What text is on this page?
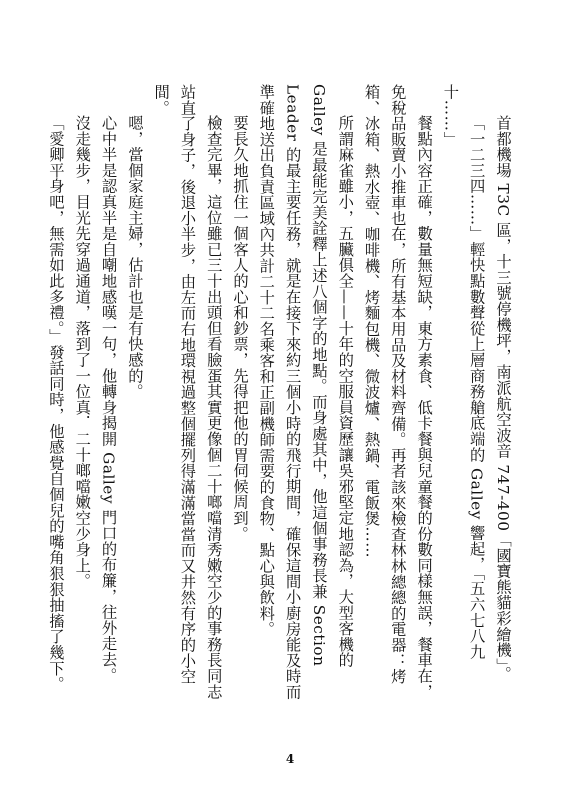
首都機場 T3C 區，十三號停機坪，南派航空波音 747-400「國寶熊貓彩繪機」。

「一二三四……」輕快點數聲從上層商務艙底端的 Galley 響起，「五六七八九十……」

餐點內容正確，數量無短缺，東方素食、低卡餐與兒童餐的份數同樣無誤，餐車在，免稅品販賣小推車也在，所有基本用品及材料齊備。再者該來檢查林林總總的電器：烤箱、冰箱、熱水壺、咖啡機、烤麵包機、微波爐、熱鍋、電飯煲……

所謂麻雀雖小，五臟俱全——十年的空服員資歷讓吳邪堅定地認為，大型客機的 Galley 是最能完美詮釋上述八個字的地點。而身處其中，他這個事務長兼 Section Leader 的最主要任務，就是在接下來約三個小時的飛行期間，確保這間小廚房能及時而準確地送出負責區域內共計二十二名乘客和正副機師需要的食物、點心與飲料。

要長久地抓住一個客人的心和鈔票，先得把他的胃伺候周到。

檢查完畢，這位雖已三十出頭但看臉蛋其實更像個二十啷噹清秀嫩空少的事務長同志站直了身子，後退小半步，由左而右地環視過整個擺列得滿滿當當而又井然有序的小空間。

嗯，當個家庭主婦，估計也是有快感的。

心中半是認真半是自嘲地感嘆一句，他轉身揭開 Galley 門口的布簾，往外走去。

沒走幾步，目光先穿過通道，落到了一位真．二十啷噹嫩空少身上。

「愛卿平身吧，無需如此多禮。」發話同時，他感覺自個兒的嘴角狠狠抽搐了幾下。

4
